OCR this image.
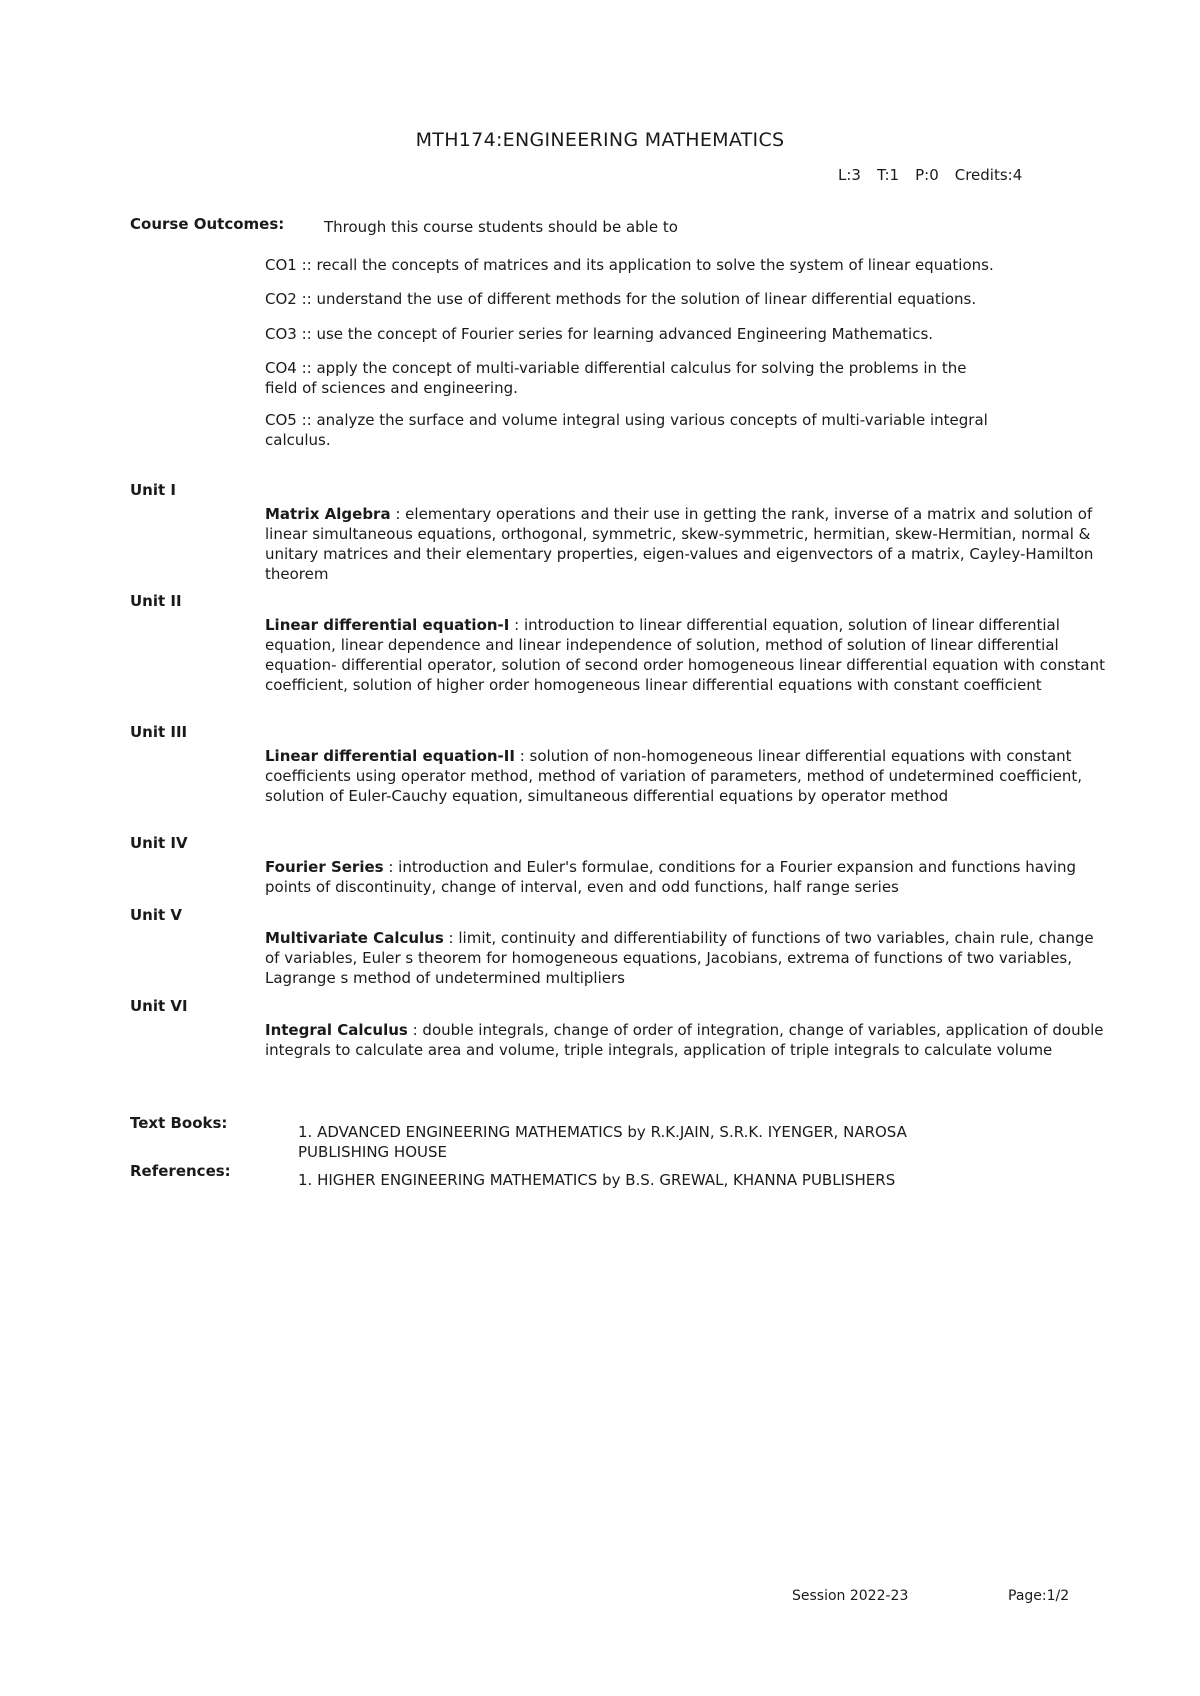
MTH174:ENGINEERING MATHEMATICS
L:3 T:1 P:0 Credits:4
Course Outcomes:	Through this course students should be able to
CO1 :: recall the concepts of matrices and its application to solve the system of linear equations.
CO2 :: understand the use of different methods for the solution of linear differential equations.
CO3 :: use the concept of Fourier series for learning advanced Engineering Mathematics.
CO4 :: apply the concept of multi-variable differential calculus for solving the problems in the
field of sciences and engineering.
CO5 :: analyze the surface and volume integral using various concepts of multi-variable integral
calculus.
Unit I
Matrix Algebra : elementary operations and their use in getting the rank, inverse of a matrix and solution of linear simultaneous equations, orthogonal, symmetric, skew-symmetric, hermitian, skew-Hermitian, normal & unitary matrices and their elementary properties, eigen-values and eigenvectors of a matrix, Cayley-Hamilton theorem
Unit II
Linear differential equation-I : introduction to linear differential equation, solution of linear differential equation, linear dependence and linear independence of solution, method of solution of linear differential equation- differential operator, solution of second order homogeneous linear differential equation with constant coefficient, solution of higher order homogeneous linear differential equations with constant coefficient
Unit III
Linear differential equation-II : solution of non-homogeneous linear differential equations with constant coefficients using operator method, method of variation of parameters, method of undetermined coefficient, solution of Euler-Cauchy equation, simultaneous differential equations by operator method
Unit IV
Fourier Series : introduction and Euler's formulae, conditions for a Fourier expansion and functions having points of discontinuity, change of interval, even and odd functions, half range series
Unit V
Multivariate Calculus : limit, continuity and differentiability of functions of two variables, chain rule, change of variables, Euler s theorem for homogeneous equations, Jacobians, extrema of functions of two variables, Lagrange s method of undetermined multipliers
Unit VI
Integral Calculus : double integrals, change of order of integration, change of variables, application of double integrals to calculate area and volume, triple integrals, application of triple integrals to calculate volume
Text Books:	1. ADVANCED ENGINEERING MATHEMATICS by R.K.JAIN, S.R.K. IYENGER, NAROSA
PUBLISHING HOUSE
References:	1. HIGHER ENGINEERING MATHEMATICS by B.S. GREWAL, KHANNA PUBLISHERS
Session 2022-23	Page:1/2
